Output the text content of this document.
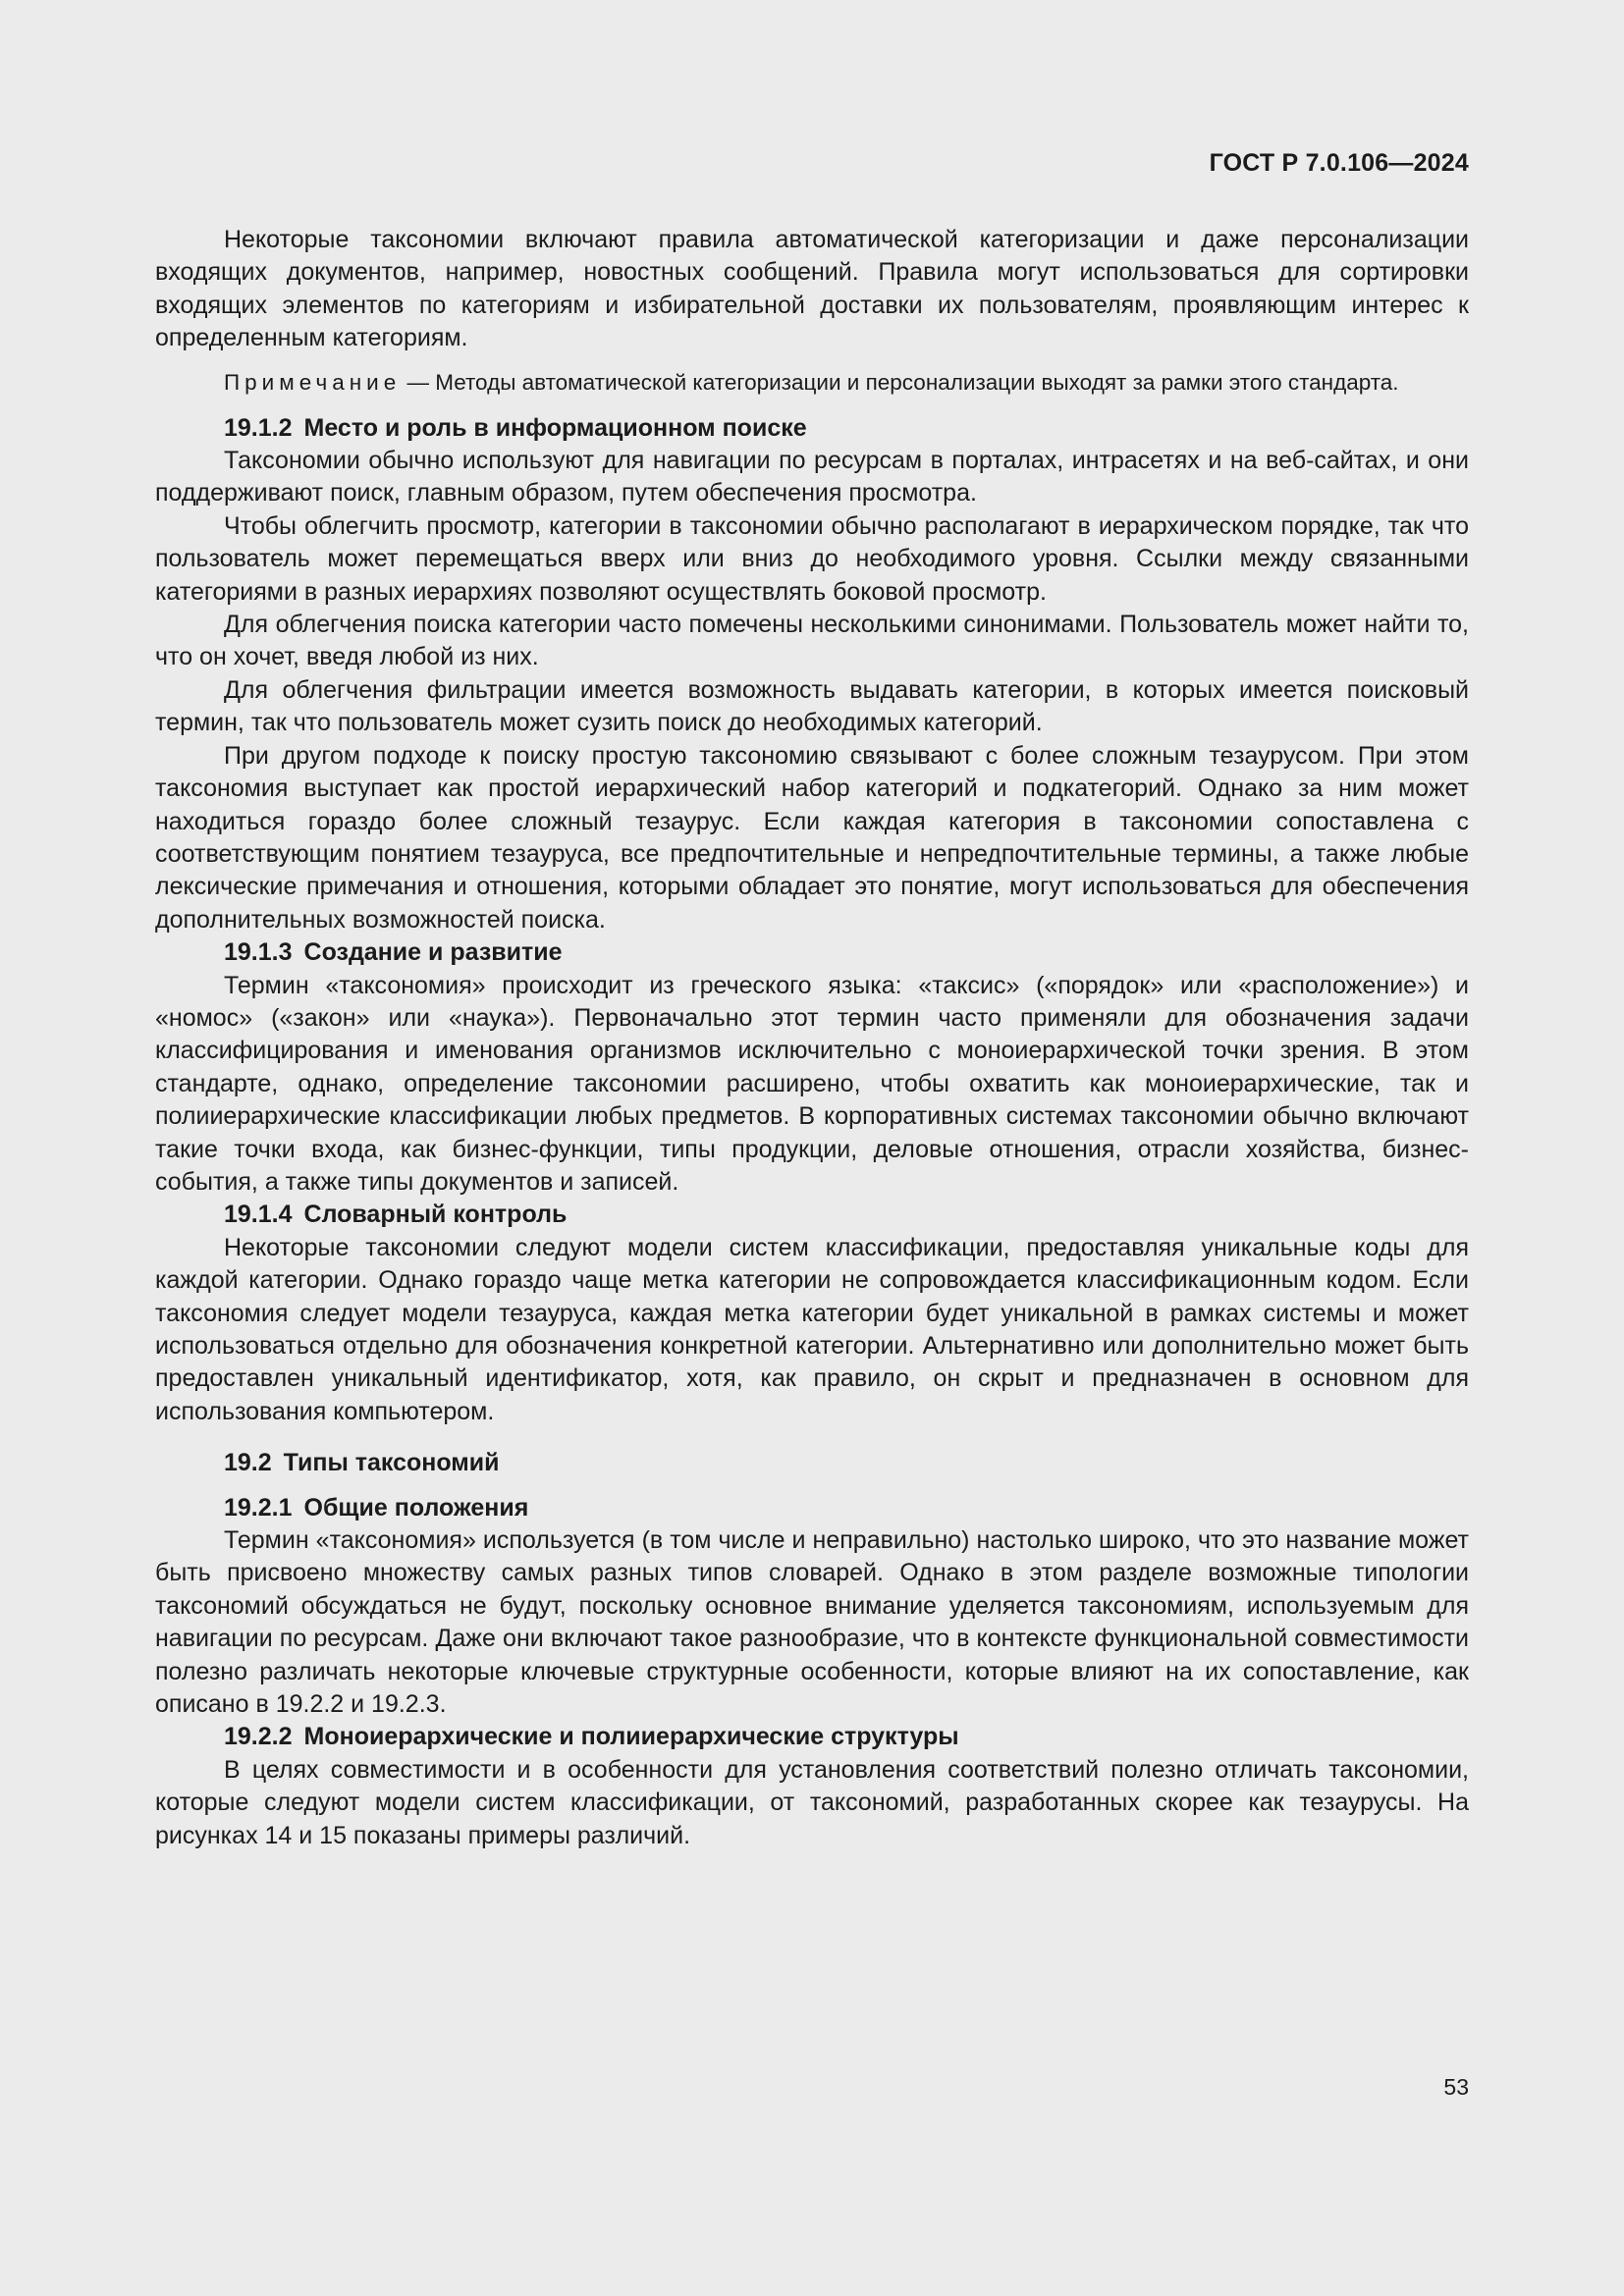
ГОСТ Р 7.0.106—2024

Некоторые таксономии включают правила автоматической категоризации и даже персонализации входящих документов, например, новостных сообщений. Правила могут использоваться для сортировки входящих элементов по категориям и избирательной доставки их пользователям, проявляющим интерес к определенным категориям.

Примечание — Методы автоматической категоризации и персонализации выходят за рамки этого стандарта.

19.1.2 Место и роль в информационном поиске

Таксономии обычно используют для навигации по ресурсам в порталах, интрасетях и на веб-сайтах, и они поддерживают поиск, главным образом, путем обеспечения просмотра.

Чтобы облегчить просмотр, категории в таксономии обычно располагают в иерархическом порядке, так что пользователь может перемещаться вверх или вниз до необходимого уровня. Ссылки между связанными категориями в разных иерархиях позволяют осуществлять боковой просмотр.

Для облегчения поиска категории часто помечены несколькими синонимами. Пользователь может найти то, что он хочет, введя любой из них.

Для облегчения фильтрации имеется возможность выдавать категории, в которых имеется поисковый термин, так что пользователь может сузить поиск до необходимых категорий.

При другом подходе к поиску простую таксономию связывают с более сложным тезаурусом. При этом таксономия выступает как простой иерархический набор категорий и подкатегорий. Однако за ним может находиться гораздо более сложный тезаурус. Если каждая категория в таксономии сопоставлена с соответствующим понятием тезауруса, все предпочтительные и непредпочтительные термины, а также любые лексические примечания и отношения, которыми обладает это понятие, могут использоваться для обеспечения дополнительных возможностей поиска.

19.1.3 Создание и развитие

Термин «таксономия» происходит из греческого языка: «таксис» («порядок» или «расположение») и «номос» («закон» или «наука»). Первоначально этот термин часто применяли для обозначения задачи классифицирования и именования организмов исключительно с моноиерархической точки зрения. В этом стандарте, однако, определение таксономии расширено, чтобы охватить как моноиерархические, так и полииерархические классификации любых предметов. В корпоративных системах таксономии обычно включают такие точки входа, как бизнес-функции, типы продукции, деловые отношения, отрасли хозяйства, бизнес-события, а также типы документов и записей.

19.1.4 Словарный контроль

Некоторые таксономии следуют модели систем классификации, предоставляя уникальные коды для каждой категории. Однако гораздо чаще метка категории не сопровождается классификационным кодом. Если таксономия следует модели тезауруса, каждая метка категории будет уникальной в рамках системы и может использоваться отдельно для обозначения конкретной категории. Альтернативно или дополнительно может быть предоставлен уникальный идентификатор, хотя, как правило, он скрыт и предназначен в основном для использования компьютером.

19.2 Типы таксономий
19.2.1 Общие положения

Термин «таксономия» используется (в том числе и неправильно) настолько широко, что это название может быть присвоено множеству самых разных типов словарей. Однако в этом разделе возможные типологии таксономий обсуждаться не будут, поскольку основное внимание уделяется таксономиям, используемым для навигации по ресурсам. Даже они включают такое разнообразие, что в контексте функциональной совместимости полезно различать некоторые ключевые структурные особенности, которые влияют на их сопоставление, как описано в 19.2.2 и 19.2.3.

19.2.2 Моноиерархические и полииерархические структуры

В целях совместимости и в особенности для установления соответствий полезно отличать таксономии, которые следуют модели систем классификации, от таксономий, разработанных скорее как тезаурусы. На рисунках 14 и 15 показаны примеры различий.

53
